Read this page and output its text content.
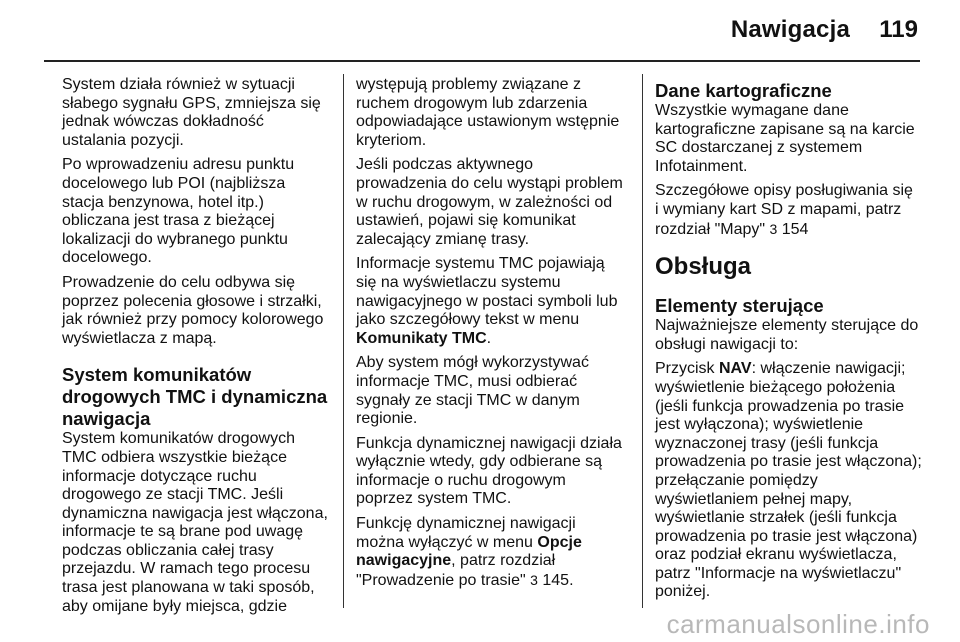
Nawigacja 119

System działa również w sytuacji
słabego sygnału GPS, zmniejsza się
jednak wówczas dokładność
ustalania pozycji.

Po wprowadzeniu adresu punktu
docelowego lub POI (najbliższa
stacja benzynowa, hotel itp.)
obliczana jest trasa z bieżącej
lokalizacji do wybranego punktu
docelowego.

Prowadzenie do celu odbywa się
poprzez polecenia głosowe i strzałki,
jak również przy pomocy kolorowego
wyświetlacza z mapą.

System komunikatów
drogowych TMC i dynamiczna
nawigacja

System komunikatów drogowych
TMC odbiera wszystkie bieżące
informacje dotyczące ruchu
drogowego ze stacji TMC. Jeśli
dynamiczna nawigacja jest włączona,
informacje te są brane pod uwagę
podczas obliczania całej trasy
przejazdu. W ramach tego procesu
trasa jest planowana w taki sposób,
aby omijane były miejsca, gdzie

występują problemy związane z
ruchem drogowym lub zdarzenia
odpowiadające ustawionym wstępnie
kryteriom.

Jeśli podczas aktywnego
prowadzenia do celu wystąpi problem
w ruchu drogowym, w zależności od
ustawień, pojawi się komunikat
zalecający zmianę trasy.

Informacje systemu TMC pojawiają
się na wyświetlaczu systemu
nawigacyjnego w postaci symboli lub
jako szczegółowy tekst w menu
Komunikaty TMC.

Aby system mógł wykorzystywać
informacje TMC, musi odbierać
sygnały ze stacji TMC w danym
regionie.

Funkcja dynamicznej nawigacji działa
wyłącznie wtedy, gdy odbierane są
informacje o ruchu drogowym
poprzez system TMC.

Funkcję dynamicznej nawigacji
można wyłączyć w menu Opcje
nawigacyjne, patrz rozdział
"Prowadzenie po trasie" 3 145.

Dane kartograficzne

Wszystkie wymagane dane
kartograficzne zapisane są na karcie
SC dostarczanej z systemem
Infotainment.

Szczegółowe opisy posługiwania się
i wymiany kart SD z mapami, patrz
rozdział "Mapy" 3 154

Obsługa
Elementy sterujące

Najważniejsze elementy sterujące do
obsługi nawigacji to:

Przycisk NAV: włączenie nawigacji;
wyświetlenie bieżącego położenia
(jeśli funkcja prowadzenia po trasie
jest wyłączona); wyświetlenie
wyznaczonej trasy (jeśli funkcja
prowadzenia po trasie jest włączona);
przełączanie pomiędzy
wyświetlaniem pełnej mapy,
wyświetlanie strzałek (jeśli funkcja
prowadzenia po trasie jest włączona)
oraz podział ekranu wyświetlacza,
patrz "Informacje na wyświetlaczu"
poniżej.

carmanualsonline.info
